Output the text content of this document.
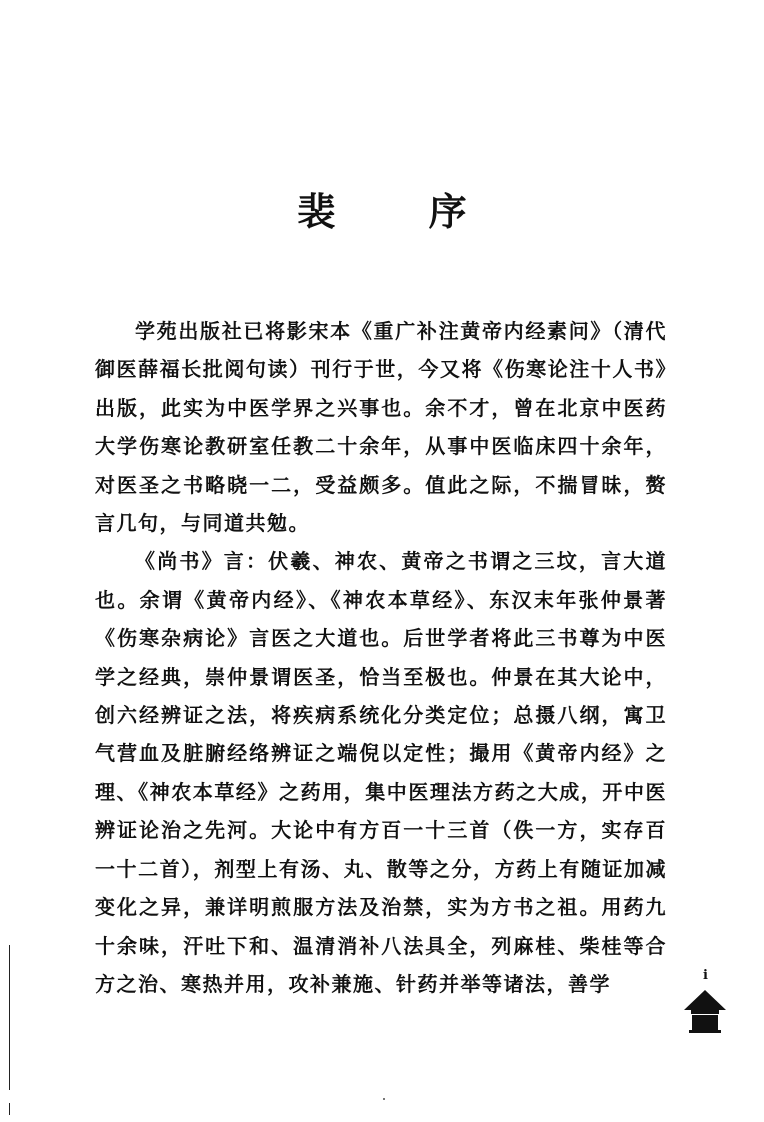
裴 序

学苑出版社已将影宋本《重广补注黄帝内经素问》（清代御医薛福长批阅句读）刊行于世，今又将《伤寒论注十人书》出版，此实为中医学界之兴事也。余不才，曾在北京中医药大学伤寒论教研室任教二十余年，从事中医临床四十余年，对医圣之书略晓一二，受益颇多。值此之际，不揣冒昧，赘言几句，与同道共勉。

《尚书》言：伏羲、神农、黄帝之书谓之三坟，言大道也。余谓《黄帝内经》、《神农本草经》、东汉末年张仲景著《伤寒杂病论》言医之大道也。后世学者将此三书尊为中医学之经典，崇仲景谓医圣，恰当至极也。仲景在其大论中，创六经辨证之法，将疾病系统化分类定位；总摄八纲，寓卫气营血及脏腑经络辨证之端倪以定性；撮用《黄帝内经》之理、《神农本草经》之药用，集中医理法方药之大成，开中医辨证论治之先河。大论中有方百一十三首（佚一方，实存百一十二首），剂型上有汤、丸、散等之分，方药上有随证加减变化之异，兼详明煎服方法及治禁，实为方书之祖。用药九十余味，汗吐下和、温清消补八法具全，列麻桂、柴桂等合方之治、寒热并用，攻补兼施、针药并举等诸法，善学	i
